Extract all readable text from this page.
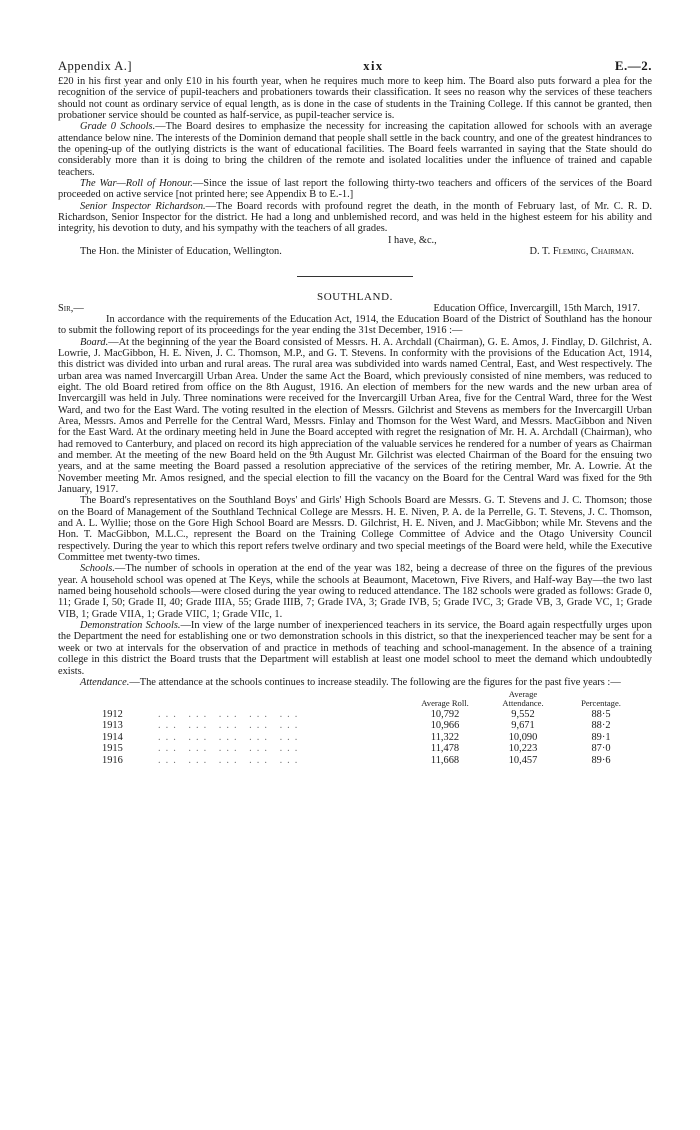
Appendix A.]	xix	E.—2.

£20 in his first year and only £10 in his fourth year, when he requires much more to keep him. The Board also puts forward a plea for the recognition of the service of pupil-teachers and probationers towards their classification. It sees no reason why the services of these teachers should not count as ordinary service of equal length, as is done in the case of students in the Training College. If this cannot be granted, then probationer service should be counted as half-service, as pupil-teacher service is.

Grade 0 Schools.—The Board desires to emphasize the necessity for increasing the capitation allowed for schools with an average attendance below nine. The interests of the Dominion demand that people shall settle in the back country, and one of the greatest hindrances to the opening-up of the outlying districts is the want of educational facilities. The Board feels warranted in saying that the State should do considerably more than it is doing to bring the children of the remote and isolated localities under the influence of trained and capable teachers.

The War—Roll of Honour.—Since the issue of last report the following thirty-two teachers and officers of the services of the Board proceeded on active service [not printed here; see Appendix B to E.-1.]

Senior Inspector Richardson.—The Board records with profound regret the death, in the month of February last, of Mr. C. R. D. Richardson, Senior Inspector for the district. He had a long and unblemished record, and was held in the highest esteem for his ability and integrity, his devotion to duty, and his sympathy with the teachers of all grades.

I have, &c.,
The Hon. the Minister of Education, Wellington.	D. T. Fleming, Chairman.
SOUTHLAND.
Sir,—	Education Office, Invercargill, 15th March, 1917.

In accordance with the requirements of the Education Act, 1914, the Education Board of the District of Southland has the honour to submit the following report of its proceedings for the year ending the 31st December, 1916 :—

Board.—At the beginning of the year the Board consisted of Messrs. H. A. Archdall (Chairman), G. E. Amos, J. Findlay, D. Gilchrist, A. Lowrie, J. MacGibbon, H. E. Niven, J. C. Thomson, M.P., and G. T. Stevens. In conformity with the provisions of the Education Act, 1914, this district was divided into urban and rural areas. The rural area was subdivided into wards named Central, East, and West respectively. The urban area was named Invercargill Urban Area. Under the same Act the Board, which previously consisted of nine members, was reduced to eight. The old Board retired from office on the 8th August, 1916. An election of members for the new wards and the new urban area of Invercargill was held in July. Three nominations were received for the Invercargill Urban Area, five for the Central Ward, three for the West Ward, and two for the East Ward. The voting resulted in the election of Messrs. Gilchrist and Stevens as members for the Invercargill Urban Area, Messrs. Amos and Perrelle for the Central Ward, Messrs. Finlay and Thomson for the West Ward, and Messrs. MacGibbon and Niven for the East Ward. At the ordinary meeting held in June the Board accepted with regret the resignation of Mr. H. A. Archdall (Chairman), who had removed to Canterbury, and placed on record its high appreciation of the valuable services he rendered for a number of years as Chairman and member. At the meeting of the new Board held on the 9th August Mr. Gilchrist was elected Chairman of the Board for the ensuing two years, and at the same meeting the Board passed a resolution appreciative of the services of the retiring member, Mr. A. Lowrie. At the November meeting Mr. Amos resigned, and the special election to fill the vacancy on the Board for the Central Ward was fixed for the 9th January, 1917.

The Board's representatives on the Southland Boys' and Girls' High Schools Board are Messrs. G. T. Stevens and J. C. Thomson; those on the Board of Management of the Southland Technical College are Messrs. H. E. Niven, P. A. de la Perrelle, G. T. Stevens, J. C. Thomson, and A. L. Wyllie; those on the Gore High School Board are Messrs. D. Gilchrist, H. E. Niven, and J. MacGibbon; while Mr. Stevens and the Hon. T. MacGibbon, M.L.C., represent the Board on the Training College Committee of Advice and the Otago University Council respectively. During the year to which this report refers twelve ordinary and two special meetings of the Board were held, while the Executive Committee met twenty-two times.

Schools.—The number of schools in operation at the end of the year was 182, being a decrease of three on the figures of the previous year. A household school was opened at The Keys, while the schools at Beaumont, Macetown, Five Rivers, and Half-way Bay—the two last named being household schools—were closed during the year owing to reduced attendance. The 182 schools were graded as follows: Grade 0, 11; Grade I, 50; Grade II, 40; Grade IIIA, 55; Grade IIIB, 7; Grade IVA, 3; Grade IVB, 5; Grade IVC, 3; Grade VB, 3, Grade VC, 1; Grade VIB, 1; Grade VIIA, 1; Grade VIIC, 1; Grade VIIc, 1.

Demonstration Schools.—In view of the large number of inexperienced teachers in its service, the Board again respectfully urges upon the Department the need for establishing one or two demonstration schools in this district, so that the inexperienced teacher may be sent for a week or two at intervals for the observation of and practice in methods of teaching and school-management. In the absence of a training college in this district the Board trusts that the Department will establish at least one model school to meet the demand which undoubtedly exists.

Attendance.—The attendance at the schools continues to increase steadily. The following are the figures for the past five years :—

		Average Roll.	Average Attendance.	Percentage.
1912	... ... ... ... ...	10,792	9,552	88·5
1913	... ... ... ... ...	10,966	9,671	88·2
1914	... ... ... ... ...	11,322	10,090	89·1
1915	... ... ... ... ...	11,478	10,223	87·0
1916	... ... ... ... ...	11,668	10,457	89·6
